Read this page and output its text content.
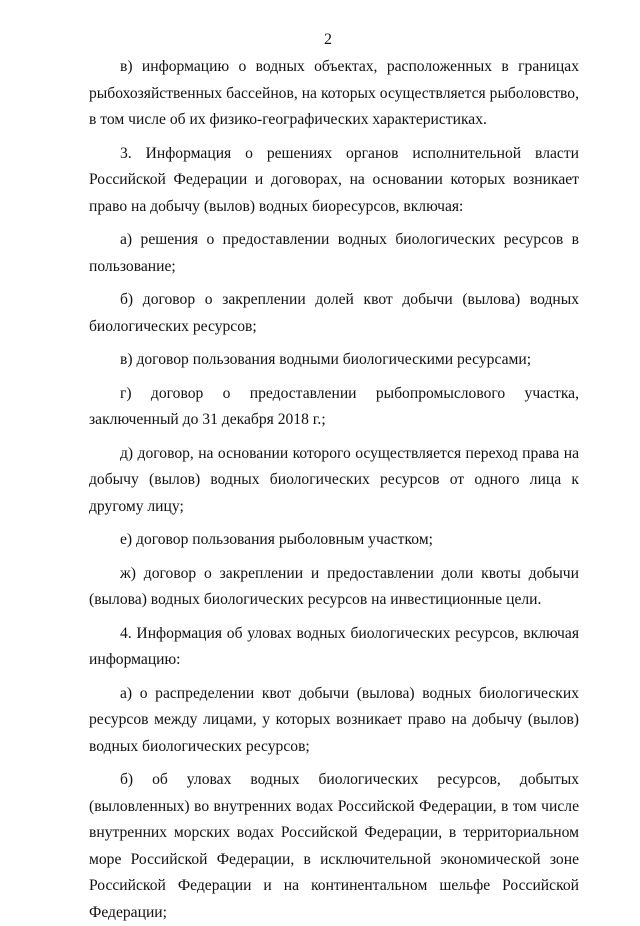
2

в) информацию о водных объектах, расположенных в границах рыбохозяйственных бассейнов, на которых осуществляется рыболовство, в том числе об их физико-географических характеристиках.

3. Информация о решениях органов исполнительной власти Российской Федерации и договорах, на основании которых возникает право на добычу (вылов) водных биоресурсов, включая:

а) решения о предоставлении водных биологических ресурсов в пользование;

б) договор о закреплении долей квот добычи (вылова) водных биологических ресурсов;

в) договор пользования водными биологическими ресурсами;

г) договор о предоставлении рыбопромыслового участка, заключенный до 31 декабря 2018 г.;

д) договор, на основании которого осуществляется переход права на добычу (вылов) водных биологических ресурсов от одного лица к другому лицу;

е) договор пользования рыболовным участком;

ж) договор о закреплении и предоставлении доли квоты добычи (вылова) водных биологических ресурсов на инвестиционные цели.

4. Информация об уловах водных биологических ресурсов, включая информацию:

а) о распределении квот добычи (вылова) водных биологических ресурсов между лицами, у которых возникает право на добычу (вылов) водных биологических ресурсов;

б) об уловах водных биологических ресурсов, добытых (выловленных) во внутренних водах Российской Федерации, в том числе внутренних морских водах Российской Федерации, в территориальном море Российской Федерации, в исключительной экономической зоне Российской Федерации и на континентальном шельфе Российской Федерации;
